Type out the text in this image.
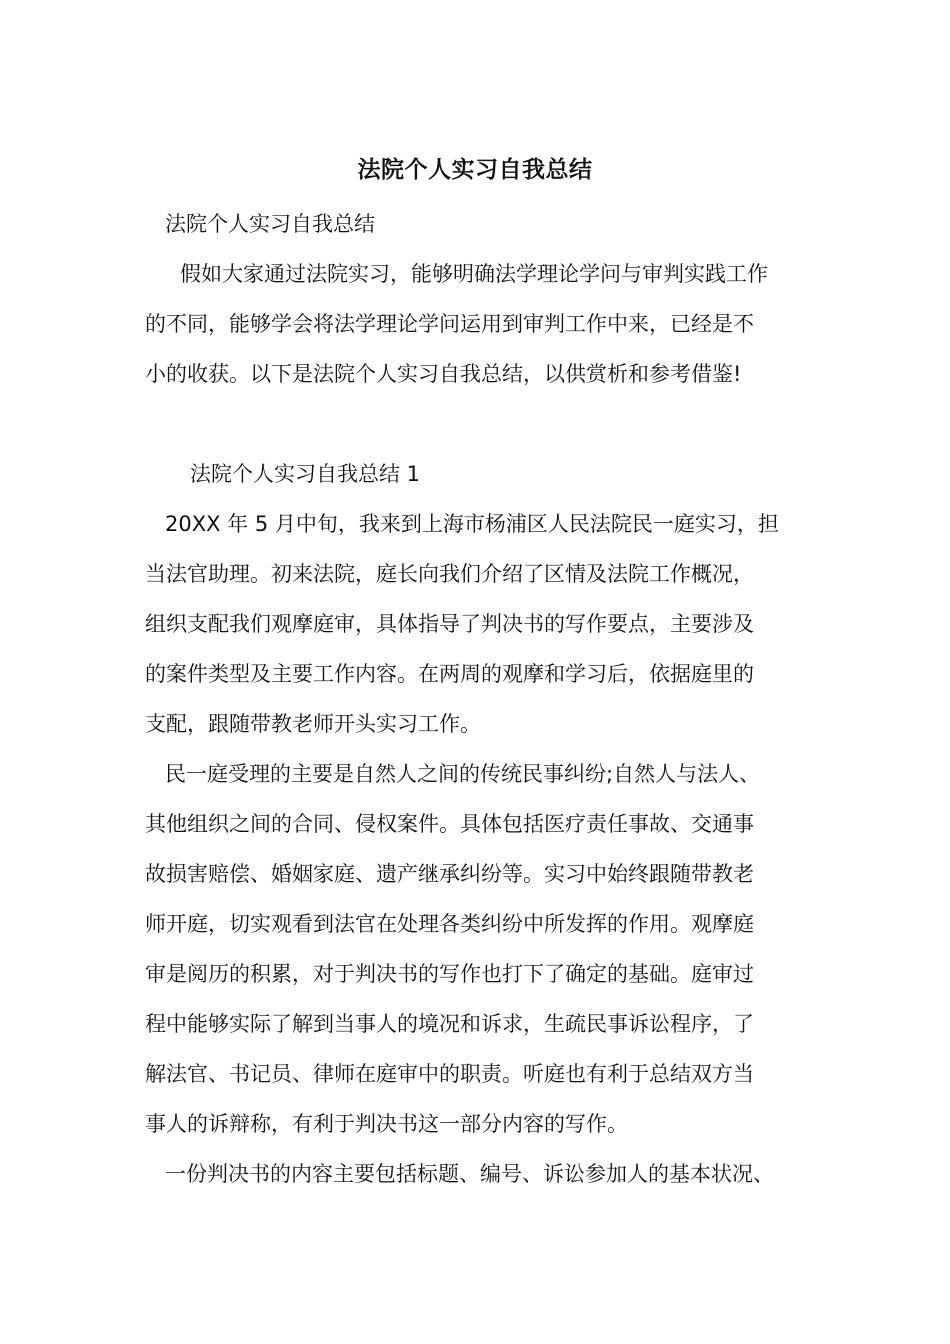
法院个人实习自我总结
法院个人实习自我总结
假如大家通过法院实习，能够明确法学理论学问与审判实践工作
的不同，能够学会将法学理论学问运用到审判工作中来，已经是不
小的收获。以下是法院个人实习自我总结，以供赏析和参考借鉴!
法院个人实习自我总结 1
20XX 年 5 月中旬，我来到上海市杨浦区人民法院民一庭实习，担
当法官助理。初来法院，庭长向我们介绍了区情及法院工作概况，
组织支配我们观摩庭审，具体指导了判决书的写作要点，主要涉及
的案件类型及主要工作内容。在两周的观摩和学习后，依据庭里的
支配，跟随带教老师开头实习工作。
民一庭受理的主要是自然人之间的传统民事纠纷;自然人与法人、
其他组织之间的合同、侵权案件。具体包括医疗责任事故、交通事
故损害赔偿、婚姻家庭、遗产继承纠纷等。实习中始终跟随带教老
师开庭，切实观看到法官在处理各类纠纷中所发挥的作用。观摩庭
审是阅历的积累，对于判决书的写作也打下了确定的基础。庭审过
程中能够实际了解到当事人的境况和诉求，生疏民事诉讼程序，了
解法官、书记员、律师在庭审中的职责。听庭也有利于总结双方当
事人的诉辩称，有利于判决书这一部分内容的写作。
一份判决书的内容主要包括标题、编号、诉讼参加人的基本状况、
